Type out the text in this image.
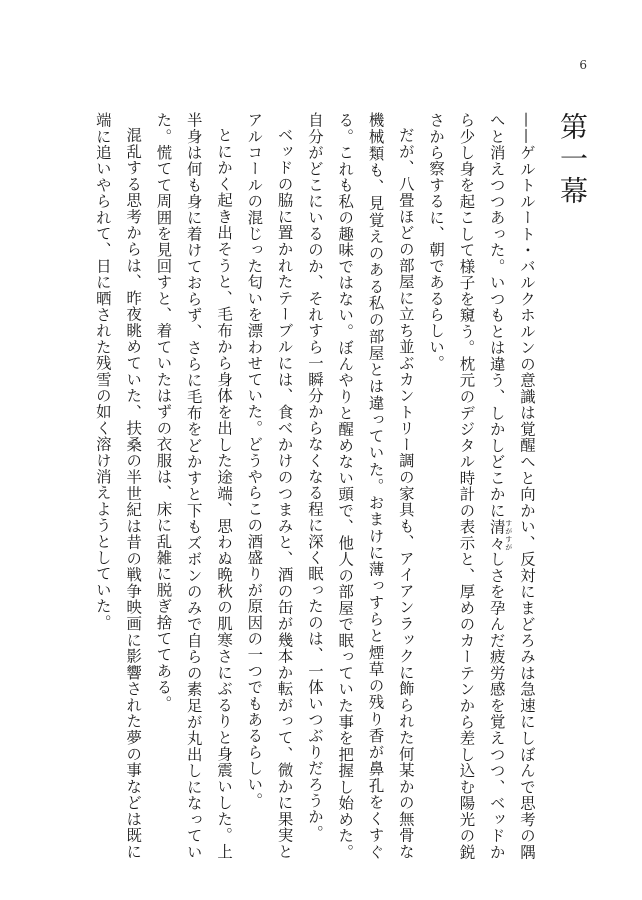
6
第一幕

——ゲルトルート・バルクホルンの意識は覚醒へと向かい、反対にまどろみは急速にしぼんで思考の隅へと消えつつあった。いつもとは違う、しかしどこかに清々 すがすがしさを孕んだ疲労感を覚えつつ、ベッドから少し身を起こして様子を窺う。枕元のデジタル時計の表示と、厚めのカーテンから差し込む陽光の鋭さから察するに、朝であるらしい。

だが、八畳ほどの部屋に立ち並ぶカントリー調の家具も、アイアンラックに飾られた何某かの無骨な機械類も、見覚えのある私の部屋とは違っていた。おまけに薄っすらと煙草の残り香が鼻孔をくすぐる。これも私の趣味ではない。ぼんやりと醒めない頭で、他人の部屋で眠っていた事を把握し始めた。自分がどこにいるのか、それすら一瞬分からなくなる程に深く眠ったのは、一体いつぶりだろうか。

ベッドの脇に置かれたテーブルには、食べかけのつまみと、酒の缶が幾本か転がって、微かに果実とアルコールの混じった匂いを漂わせていた。どうやらこの酒盛りが原因の一つでもあるらしい。

とにかく起き出そうと、毛布から身体を出した途端、思わぬ晩秋の肌寒さにぶるりと身震いした。上半身は何も身に着けておらず、さらに毛布をどかすと下もズボンのみで自らの素足が丸出しになっていた。慌てて周囲を見回すと、着ていたはずの衣服は、床に乱雑に脱ぎ捨ててある。

混乱する思考からは、昨夜眺めていた、扶桑の半世紀は昔の戦争映画に影響された夢の事などは既に端に追いやられて、日に晒された残雪の如く溶け消えようとしていた。
